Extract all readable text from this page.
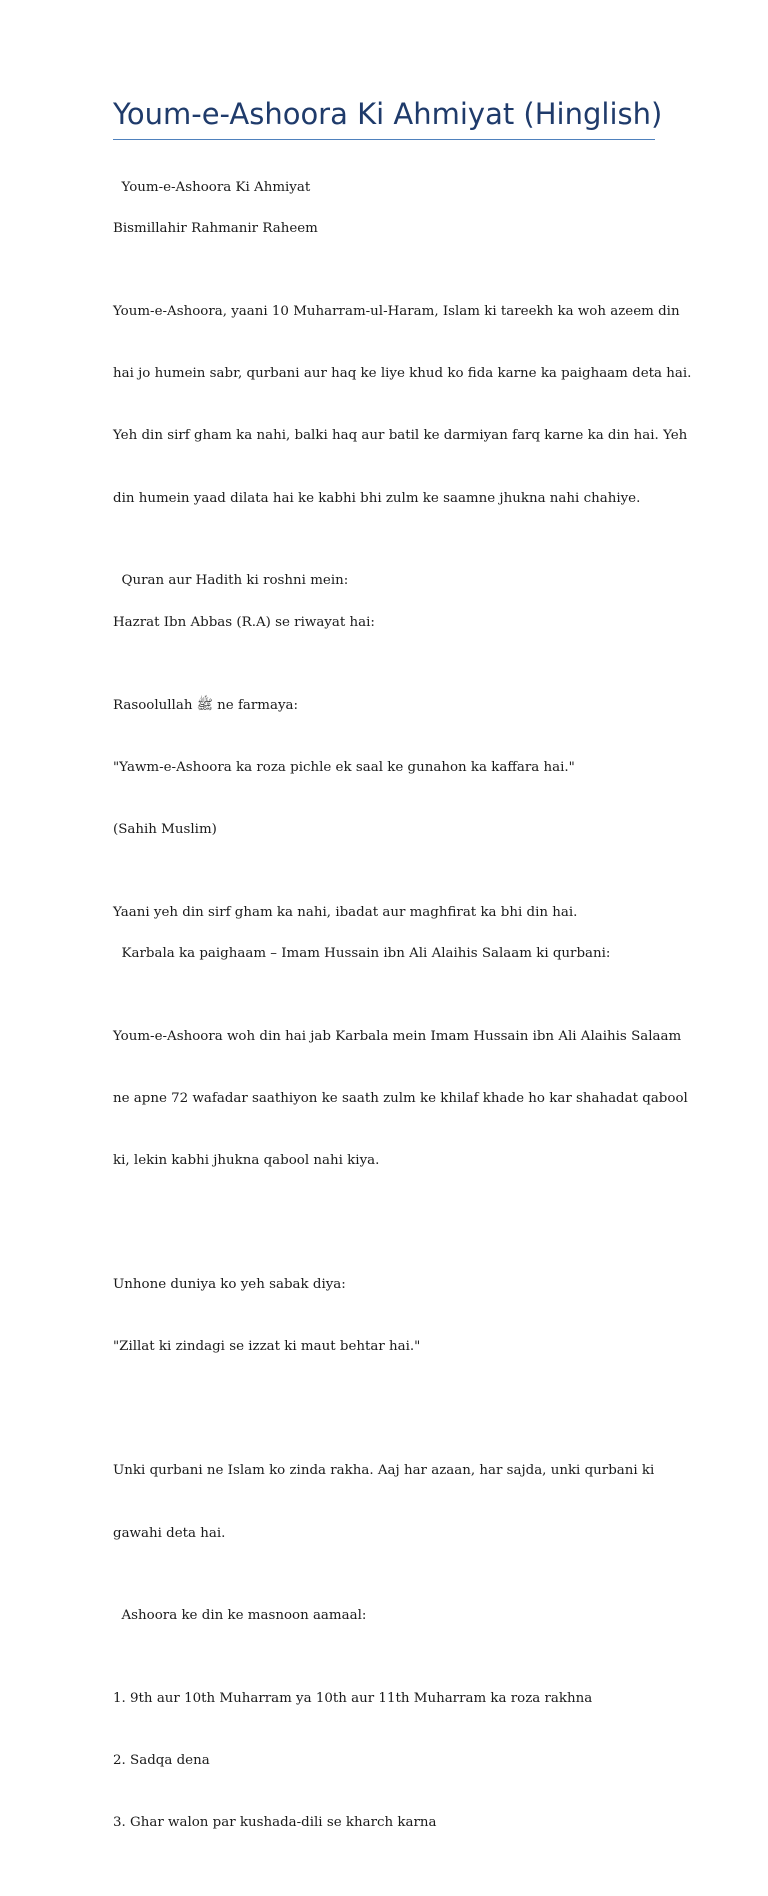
Youm-e-Ashoora Ki Ahmiyat (Hinglish)

Youm-e-Ashoora Ki Ahmiyat

Bismillahir Rahmanir Raheem

Youm-e-Ashoora, yaani 10 Muharram-ul-Haram, Islam ki tareekh ka woh azeem din

hai jo humein sabr, qurbani aur haq ke liye khud ko fida karne ka paighaam deta hai.

Yeh din sirf gham ka nahi, balki haq aur batil ke darmiyan farq karne ka din hai. Yeh

din humein yaad dilata hai ke kabhi bhi zulm ke saamne jhukna nahi chahiye.

Quran aur Hadith ki roshni mein:

Hazrat Ibn Abbas (R.A) se riwayat hai:

Rasoolullah ﷺ ne farmaya:

"Yawm-e-Ashoora ka roza pichle ek saal ke gunahon ka kaffara hai."

(Sahih Muslim)

Yaani yeh din sirf gham ka nahi, ibadat aur maghfirat ka bhi din hai.

Karbala ka paighaam – Imam Hussain ibn Ali Alaihis Salaam ki qurbani:

Youm-e-Ashoora woh din hai jab Karbala mein Imam Hussain ibn Ali Alaihis Salaam

ne apne 72 wafadar saathiyon ke saath zulm ke khilaf khade ho kar shahadat qabool

ki, lekin kabhi jhukna qabool nahi kiya.

Unhone duniya ko yeh sabak diya:

"Zillat ki zindagi se izzat ki maut behtar hai."

Unki qurbani ne Islam ko zinda rakha. Aaj har azaan, har sajda, unki qurbani ki

gawahi deta hai.

Ashoora ke din ke masnoon aamaal:

1. 9th aur 10th Muharram ya 10th aur 11th Muharram ka roza rakhna

2. Sadqa dena

3. Ghar walon par kushada-dili se kharch karna
